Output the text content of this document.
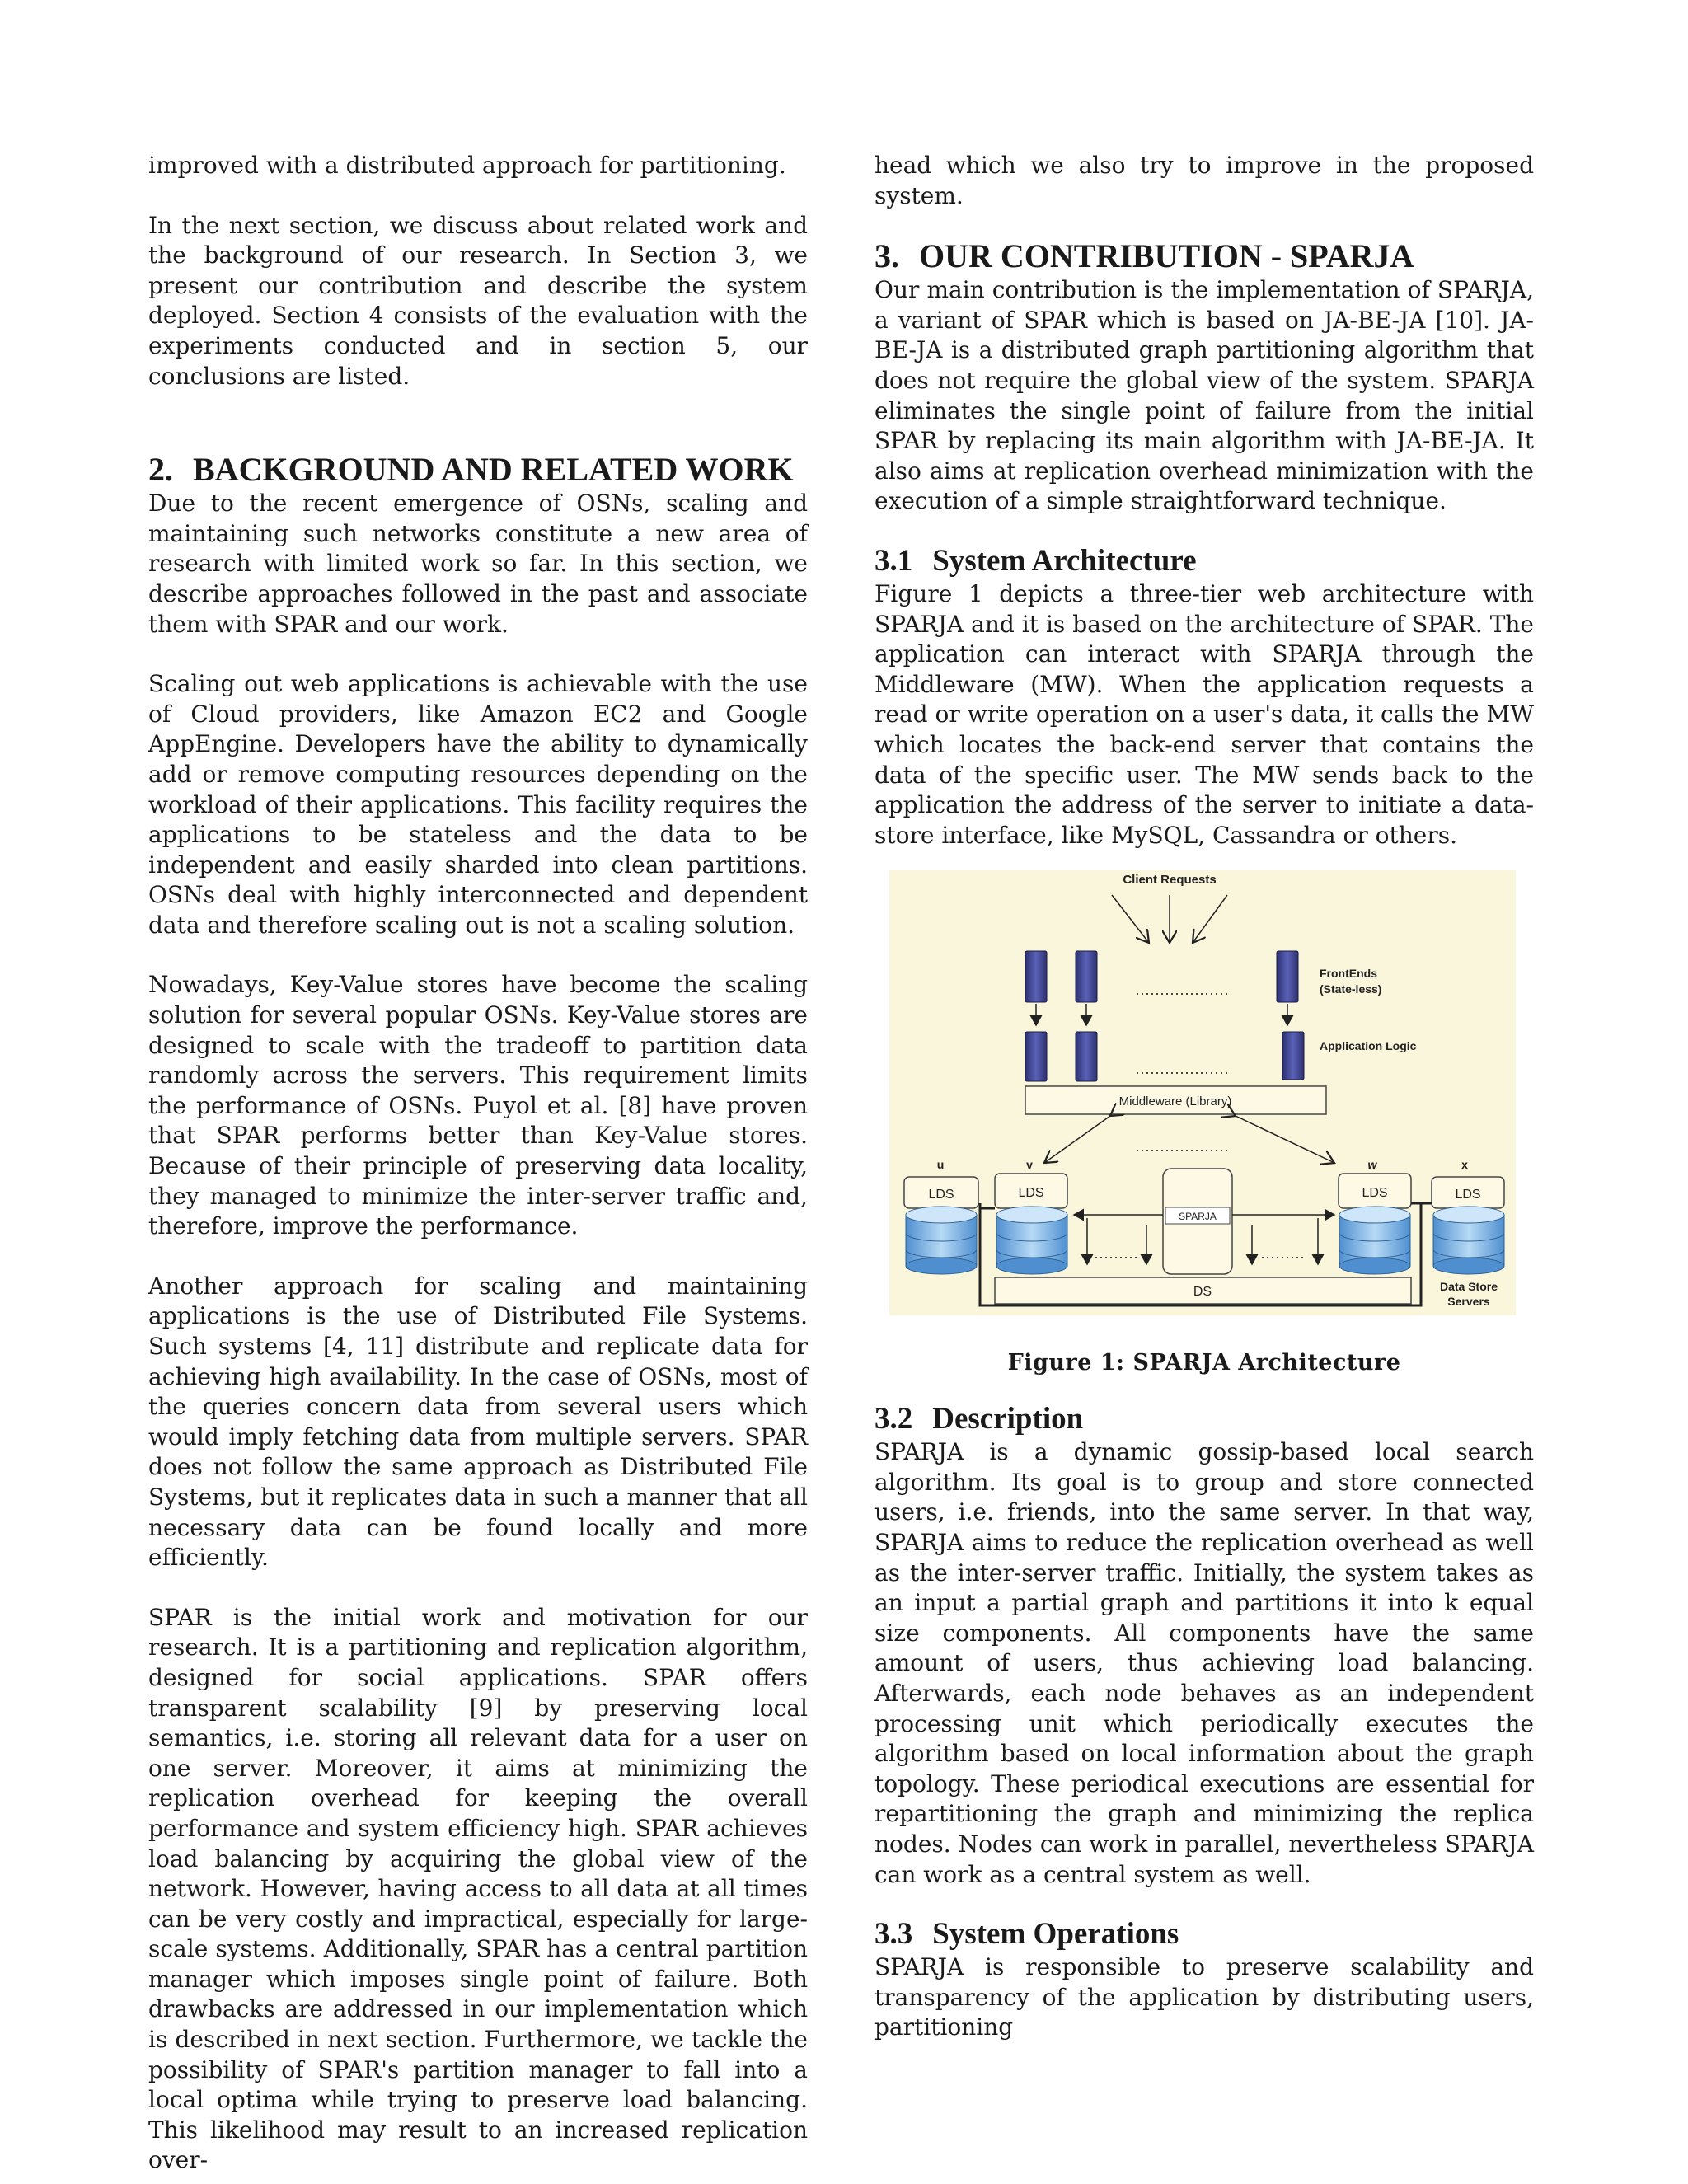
improved with a distributed approach for partitioning.

In the next section, we discuss about related work and the background of our research. In Section 3, we present our contribution and describe the system deployed. Section 4 consists of the evaluation with the experiments conducted and in section 5, our conclusions are listed.

2. BACKGROUND AND RELATED WORK

Due to the recent emergence of OSNs, scaling and maintaining such networks constitute a new area of research with limited work so far. In this section, we describe approaches followed in the past and associate them with SPAR and our work.

Scaling out web applications is achievable with the use of Cloud providers, like Amazon EC2 and Google AppEngine. Developers have the ability to dynamically add or remove computing resources depending on the workload of their applications. This facility requires the applications to be stateless and the data to be independent and easily sharded into clean partitions. OSNs deal with highly interconnected and dependent data and therefore scaling out is not a scaling solution.

Nowadays, Key-Value stores have become the scaling solution for several popular OSNs. Key-Value stores are designed to scale with the tradeoff to partition data randomly across the servers. This requirement limits the performance of OSNs. Puyol et al. [8] have proven that SPAR performs better than Key-Value stores. Because of their principle of preserving data locality, they managed to minimize the inter-server traffic and, therefore, improve the performance.

Another approach for scaling and maintaining applications is the use of Distributed File Systems. Such systems [4, 11] distribute and replicate data for achieving high availability. In the case of OSNs, most of the queries concern data from several users which would imply fetching data from multiple servers. SPAR does not follow the same approach as Distributed File Systems, but it replicates data in such a manner that all necessary data can be found locally and more efficiently.

SPAR is the initial work and motivation for our research. It is a partitioning and replication algorithm, designed for social applications. SPAR offers transparent scalability [9] by preserving local semantics, i.e. storing all relevant data for a user on one server. Moreover, it aims at minimizing the replication overhead for keeping the overall performance and system efficiency high. SPAR achieves load balancing by acquiring the global view of the network. However, having access to all data at all times can be very costly and impractical, especially for large-scale systems. Additionally, SPAR has a central partition manager which imposes single point of failure. Both drawbacks are addressed in our implementation which is described in next section. Furthermore, we tackle the possibility of SPAR's partition manager to fall into a local optima while trying to preserve load balancing. This likelihood may result to an increased replication over-

head which we also try to improve in the proposed system.

3. OUR CONTRIBUTION - SPARJA

Our main contribution is the implementation of SPARJA, a variant of SPAR which is based on JA-BE-JA [10]. JA-BE-JA is a distributed graph partitioning algorithm that does not require the global view of the system. SPARJA eliminates the single point of failure from the initial SPAR by replacing its main algorithm with JA-BE-JA. It also aims at replication overhead minimization with the execution of a simple straightforward technique.

3.1 System Architecture

Figure 1 depicts a three-tier web architecture with SPARJA and it is based on the architecture of SPAR. The application can interact with SPARJA through the Middleware (MW). When the application requests a read or write operation on a user's data, it calls the MW which locates the back-end server that contains the data of the specific user. The MW sends back to the application the address of the server to initiate a data-store interface, like MySQL, Cassandra or others.

Client Requests
FrontEnds
(State-less)
Application Logic
Middleware (Library)
u	v	w	x
LDS	LDS	LDS	LDS
SPARJA
DS	Data Store
Servers
Figure 1: SPARJA Architecture
3.2 Description

SPARJA is a dynamic gossip-based local search algorithm. Its goal is to group and store connected users, i.e. friends, into the same server. In that way, SPARJA aims to reduce the replication overhead as well as the inter-server traffic. Initially, the system takes as an input a partial graph and partitions it into k equal size components. All components have the same amount of users, thus achieving load balancing. Afterwards, each node behaves as an independent processing unit which periodically executes the algorithm based on local information about the graph topology. These periodical executions are essential for repartitioning the graph and minimizing the replica nodes. Nodes can work in parallel, nevertheless SPARJA can work as a central system as well.

3.3 System Operations

SPARJA is responsible to preserve scalability and transparency of the application by distributing users, partitioning
